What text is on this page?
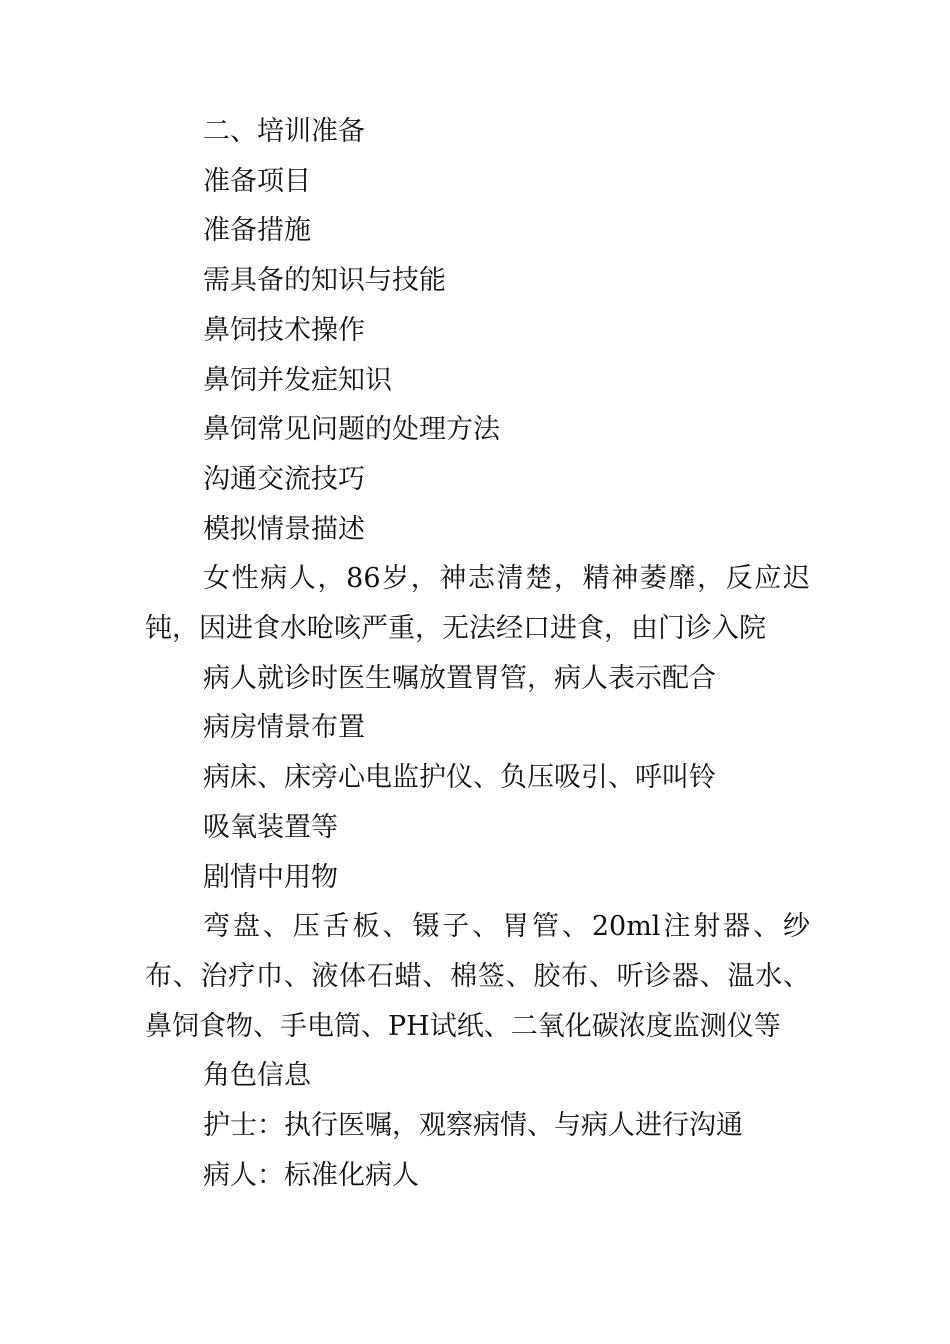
二、培训准备

准备项目

准备措施

需具备的知识与技能

鼻饲技术操作

鼻饲并发症知识

鼻饲常见问题的处理方法

沟通交流技巧

模拟情景描述

女性病人，86岁，神志清楚，精神萎靡，反应迟钝，因进食水呛咳严重，无法经口进食，由门诊入院

病人就诊时医生嘱放置胃管，病人表示配合

病房情景布置

病床、床旁心电监护仪、负压吸引、呼叫铃

吸氧装置等

剧情中用物

弯盘、压舌板、镊子、胃管、20ml注射器、纱布、治疗巾、液体石蜡、棉签、胶布、听诊器、温水、鼻饲食物、手电筒、PH试纸、二氧化碳浓度监测仪等

角色信息

护士：执行医嘱，观察病情、与病人进行沟通

病人：标准化病人
